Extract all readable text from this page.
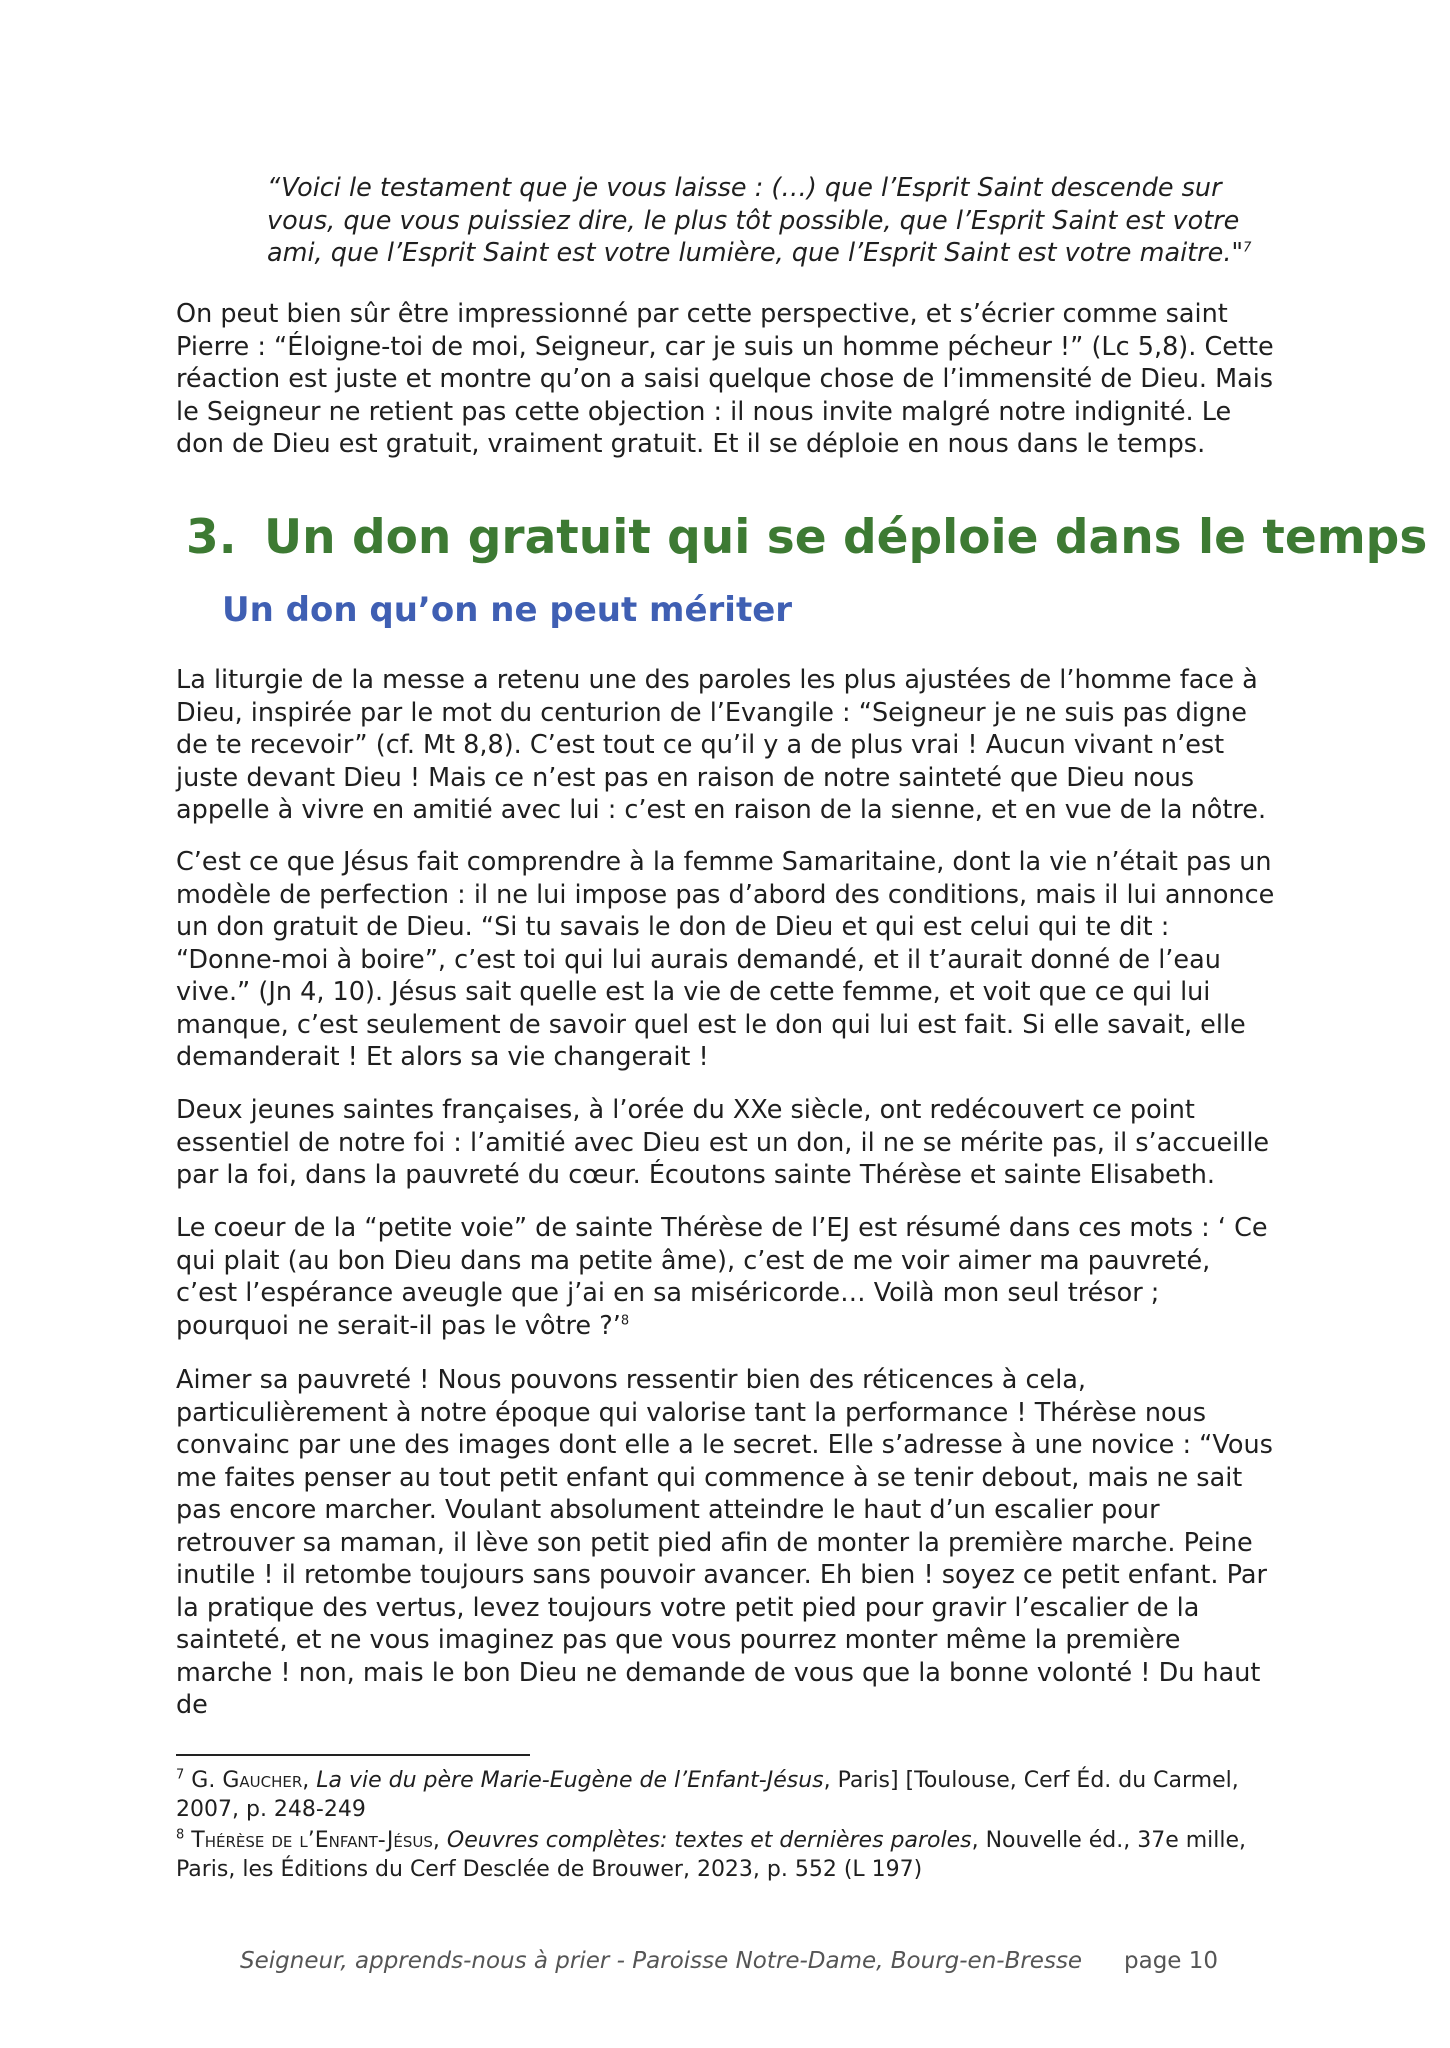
“Voici le testament que je vous laisse : (…) que l’Esprit Saint descende sur vous, que vous puissiez dire, le plus tôt possible, que l’Esprit Saint est votre ami, que l’Esprit Saint est votre lumière, que l’Esprit Saint est votre maitre."$^7$

On peut bien sûr être impressionné par cette perspective, et s’écrier comme saint Pierre : “Éloigne-toi de moi, Seigneur, car je suis un homme pécheur !” (Lc 5,8). Cette réaction est juste et montre qu’on a saisi quelque chose de l’immensité de Dieu. Mais le Seigneur ne retient pas cette objection : il nous invite malgré notre indignité. Le don de Dieu est gratuit, vraiment gratuit. Et il se déploie en nous dans le temps.

3. Un don gratuit qui se déploie dans le temps
Un don qu’on ne peut mériter

La liturgie de la messe a retenu une des paroles les plus ajustées de l’homme face à Dieu, inspirée par le mot du centurion de l’Evangile : “Seigneur je ne suis pas digne de te recevoir” (cf. Mt 8,8). C’est tout ce qu’il y a de plus vrai ! Aucun vivant n’est juste devant Dieu ! Mais ce n’est pas en raison de notre sainteté que Dieu nous appelle à vivre en amitié avec lui : c’est en raison de la sienne, et en vue de la nôtre.

C’est ce que Jésus fait comprendre à la femme Samaritaine, dont la vie n’était pas un modèle de perfection : il ne lui impose pas d’abord des conditions, mais il lui annonce un don gratuit de Dieu. “Si tu savais le don de Dieu et qui est celui qui te dit : “Donne-moi à boire”, c’est toi qui lui aurais demandé, et il t’aurait donné de l’eau vive.” (Jn 4, 10). Jésus sait quelle est la vie de cette femme, et voit que ce qui lui manque, c’est seulement de savoir quel est le don qui lui est fait. Si elle savait, elle demanderait ! Et alors sa vie changerait !

Deux jeunes saintes françaises, à l’orée du XXe siècle, ont redécouvert ce point essentiel de notre foi : l’amitié avec Dieu est un don, il ne se mérite pas, il s’accueille par la foi, dans la pauvreté du cœur. Écoutons sainte Thérèse et sainte Elisabeth.

Le coeur de la “petite voie” de sainte Thérèse de l’EJ est résumé dans ces mots : ‘ Ce qui plait (au bon Dieu dans ma petite âme), c’est de me voir aimer ma pauvreté, c’est l’espérance aveugle que j’ai en sa miséricorde… Voilà mon seul trésor ; pourquoi ne serait-il pas le vôtre ?’$^8$

Aimer sa pauvreté ! Nous pouvons ressentir bien des réticences à cela, particulièrement à notre époque qui valorise tant la performance ! Thérèse nous convainc par une des images dont elle a le secret. Elle s’adresse à une novice : “Vous me faites penser au tout petit enfant qui commence à se tenir debout, mais ne sait pas encore marcher. Voulant absolument atteindre le haut d’un escalier pour retrouver sa maman, il lève son petit pied afin de monter la première marche. Peine inutile ! il retombe toujours sans pouvoir avancer. Eh bien ! soyez ce petit enfant. Par la pratique des vertus, levez toujours votre petit pied pour gravir l’escalier de la sainteté, et ne vous imaginez pas que vous pourrez monter même la première marche ! non, mais le bon Dieu ne demande de vous que la bonne volonté ! Du haut de

$^7$ G. Gaucher, La vie du père Marie-Eugène de l’Enfant-Jésus, Paris] [Toulouse, Cerf Éd. du Carmel, 2007, p. 248-249

$^8$ Thérèse de l’Enfant-Jésus, Oeuvres complètes: textes et dernières paroles, Nouvelle éd., 37e mille, Paris, les Éditions du Cerf Desclée de Brouwer, 2023, p. 552 (L 197)

Seigneur, apprends-nous à prier - Paroisse Notre-Dame, Bourg-en-Bresse page 10
